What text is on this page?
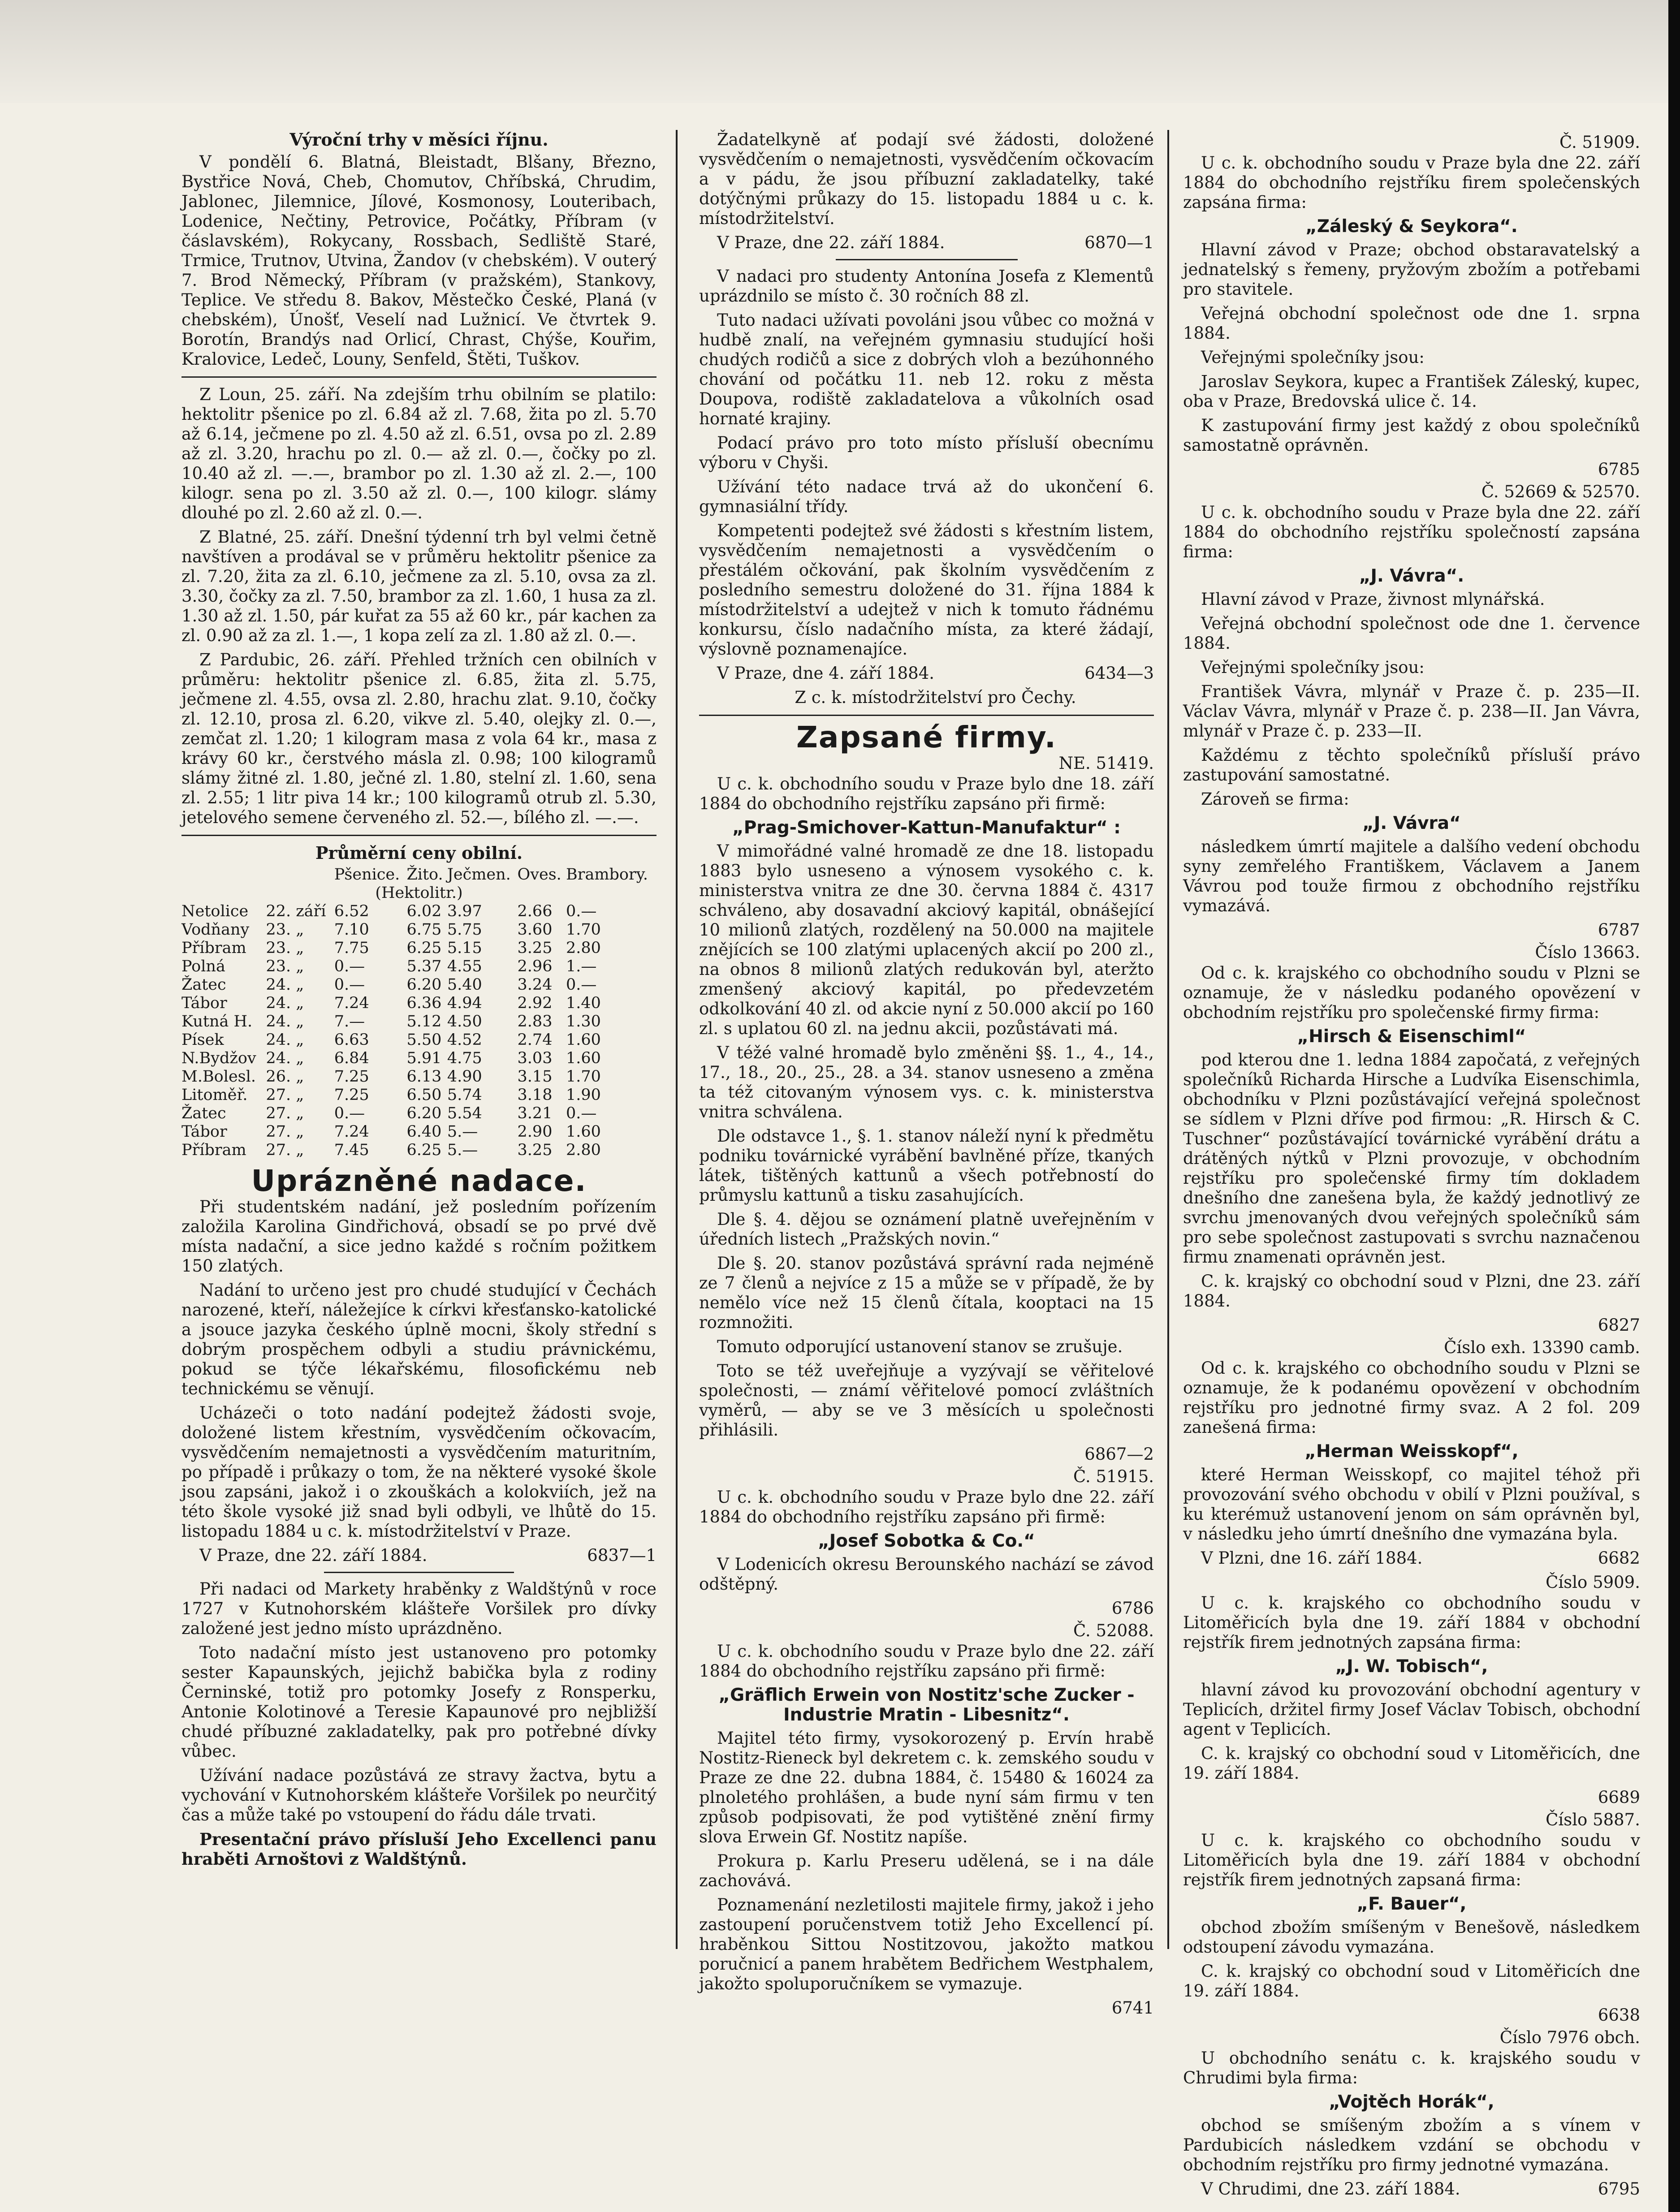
Výroční trhy v měsíci říjnu.

V pondělí 6. Blatná, Bleistadt, Blšany, Březno, Bystřice Nová, Cheb, Chomutov, Chříbská, Chrudim, Jablonec, Jilemnice, Jílové, Kosmonosy, Louteribach, Lodenice, Nečtiny, Petrovice, Počátky, Příbram (v čáslavském), Rokycany, Rossbach, Sedliště Staré, Trmice, Trutnov, Utvina, Žandov (v chebském). V outerý 7. Brod Německý, Příbram (v pražském), Stankovy, Teplice. Ve středu 8. Bakov, Městečko České, Planá (v chebském), Únošť, Veselí nad Lužnicí. Ve čtvrtek 9. Borotín, Brandýs nad Orlicí, Chrast, Chýše, Kouřim, Kralovice, Ledeč, Louny, Senfeld, Štěti, Tuškov.

Z Loun, 25. září. Na zdejším trhu obilním se platilo: hektolitr pšenice po zl. 6.84 až zl. 7.68, žita po zl. 5.70 až 6.14, ječmene po zl. 4.50 až zl. 6.51, ovsa po zl. 2.89 až zl. 3.20, hrachu po zl. 0.— až zl. 0.—, čočky po zl. 10.40 až zl. —.—, brambor po zl. 1.30 až zl. 2.—, 100 kilogr. sena po zl. 3.50 až zl. 0.—, 100 kilogr. slámy dlouhé po zl. 2.60 až zl. 0.—.

Z Blatné, 25. září. Dnešní týdenní trh byl velmi četně navštíven a prodával se v průměru hektolitr pšenice za zl. 7.20, žita za zl. 6.10, ječmene za zl. 5.10, ovsa za zl. 3.30, čočky za zl. 7.50, brambor za zl. 1.60, 1 husa za zl. 1.30 až zl. 1.50, pár kuřat za 55 až 60 kr., pár kachen za zl. 0.90 až za zl. 1.—, 1 kopa zelí za zl. 1.80 až zl. 0.—.

Z Pardubic, 26. září. Přehled tržních cen obilních v průměru: hektolitr pšenice zl. 6.85, žita zl. 5.75, ječmene zl. 4.55, ovsa zl. 2.80, hrachu zlat. 9.10, čočky zl. 12.10, prosa zl. 6.20, vikve zl. 5.40, olejky zl. 0.—, zemčat zl. 1.20; 1 kilogram masa z vola 64 kr., masa z krávy 60 kr., čerstvého másla zl. 0.98; 100 kilogramů slámy žitné zl. 1.80, ječné zl. 1.80, stelní zl. 1.60, sena zl. 2.55; 1 litr piva 14 kr.; 100 kilogramů otrub zl. 5.30, jetelového semene červeného zl. 52.—, bílého zl. —.—.

Průměrní ceny obilní.
		Pšenice.	Žito.	Ječmen.	Oves.	Brambory.
(Hektolitr.)						
Netolice	22. září	6.52	6.02	3.97	2.66	0.—
Vodňany	23. „	7.10	6.75	5.75	3.60	1.70
Příbram	23. „	7.75	6.25	5.15	3.25	2.80
Polná	23. „	0.—	5.37	4.55	2.96	1.—
Žatec	24. „	0.—	6.20	5.40	3.24	0.—
Tábor	24. „	7.24	6.36	4.94	2.92	1.40
Kutná H.	24. „	7.—	5.12	4.50	2.83	1.30
Písek	24. „	6.63	5.50	4.52	2.74	1.60
N.Bydžov	24. „	6.84	5.91	4.75	3.03	1.60
M.Bolesl.	26. „	7.25	6.13	4.90	3.15	1.70
Litoměř.	27. „	7.25	6.50	5.74	3.18	1.90
Žatec	27. „	0.—	6.20	5.54	3.21	0.—
Tábor	27. „	7.24	6.40	5.—	2.90	1.60
Příbram	27. „	7.45	6.25	5.—	3.25	2.80
Uprázněné nadace.

Při studentském nadání, jež posledním pořízením založila Karolina Gindřichová, obsadí se po prvé dvě místa nadační, a sice jedno každé s ročním požitkem 150 zlatých.

Nadání to určeno jest pro chudé studující v Čechách narozené, kteří, náležejíce k církvi křesťansko-katolické a jsouce jazyka českého úplně mocni, školy střední s dobrým prospěchem odbyli a studiu právnickému, pokud se týče lékařskému, filosofickému neb technickému se věnují.

Ucházeči o toto nadání podejtež žádosti svoje, doložené listem křestním, vysvědčením očkovacím, vysvědčením nemajetnosti a vysvědčením maturitním, po případě i průkazy o tom, že na některé vysoké škole jsou zapsáni, jakož i o zkouškách a kolokviích, jež na této škole vysoké již snad byli odbyli, ve lhůtě do 15. listopadu 1884 u c. k. místodržitelství v Praze.

V Praze, dne 22. září 1884.	6837—1

Při nadaci od Markety hraběnky z Waldštýnů v roce 1727 v Kutnohorském klášteře Voršilek pro dívky založené jest jedno místo uprázdněno.

Toto nadační místo jest ustanoveno pro potomky sester Kapaunských, jejichž babička byla z rodiny Černinské, totiž pro potomky Josefy z Ronsperku, Antonie Kolotinové a Teresie Kapaunové pro nejbližší chudé příbuzné zakladatelky, pak pro potřebné dívky vůbec.

Užívání nadace pozůstává ze stravy žactva, bytu a vychování v Kutnohorském klášteře Voršilek po neurčitý čas a může také po vstoupení do řádu dále trvati.

Presentační právo přísluší Jeho Excellenci panu hraběti Arnoštovi z Waldštýnů.

Žadatelkyně ať podají své žádosti, doložené vysvědčením o nemajetnosti, vysvědčením očkovacím a v pádu, že jsou příbuzní zakladatelky, také dotýčnými průkazy do 15. listopadu 1884 u c. k. místodržitelství.

V Praze, dne 22. září 1884.	6870—1

V nadaci pro studenty Antonína Josefa z Klementů uprázdnilo se místo č. 30 ročních 88 zl.

Tuto nadaci užívati povoláni jsou vůbec co možná v hudbě znalí, na veřejném gymnasiu studující hoši chudých rodičů a sice z dobrých vloh a bezúhonného chování od počátku 11. neb 12. roku z města Doupova, rodiště zakladatelova a vůkolních osad hornaté krajiny.

Podací právo pro toto místo přísluší obecnímu výboru v Chyši.

Užívání této nadace trvá až do ukončení 6. gymnasiální třídy.

Kompetenti podejtež své žádosti s křestním listem, vysvědčením nemajetnosti a vysvědčením o přestálém očkování, pak školním vysvědčením z posledního semestru doložené do 31. října 1884 k místodržitelství a udejtež v nich k tomuto řádnému konkursu, číslo nadačního místa, za které žádají, výslovně poznamenajíce.

V Praze, dne 4. září 1884.	6434—3

Z c. k. místodržitelství pro Čechy.

Zapsané firmy.
NE. 51419.

U c. k. obchodního soudu v Praze bylo dne 18. září 1884 do obchodního rejstříku zapsáno při firmě:

„Prag-Smichover-Kattun-Manufaktur“ :

V mimořádné valné hromadě ze dne 18. listopadu 1883 bylo usneseno a výnosem vysokého c. k. ministerstva vnitra ze dne 30. června 1884 č. 4317 schváleno, aby dosavadní akciový kapitál, obnášející 10 milionů zlatých, rozdělený na 50.000 na majitele znějících se 100 zlatými uplacených akcií po 200 zl., na obnos 8 milionů zlatých redukován byl, ateržto zmenšený akciový kapitál, po předevzetém odkolkování 40 zl. od akcie nyní z 50.000 akcií po 160 zl. s uplatou 60 zl. na jednu akcii, pozůstávati má.

V téžé valné hromadě bylo změněni §§. 1., 4., 14., 17., 18., 20., 25., 28. a 34. stanov usneseno a změna ta též citovaným výnosem vys. c. k. ministerstva vnitra schválena.

Dle odstavce 1., §. 1. stanov náleží nyní k předmětu podniku továrnické vyrábění bavlněné příze, tkaných látek, tištěných kattunů a všech potřebností do průmyslu kattunů a tisku zasahujících.

Dle §. 4. dějou se oznámení platně uveřejněním v úředních listech „Pražských novin.“

Dle §. 20. stanov pozůstává správní rada nejméně ze 7 členů a nejvíce z 15 a může se v případě, že by nemělo více než 15 členů čítala, kooptaci na 15 rozmnožiti.

Tomuto odporující ustanovení stanov se zrušuje.

Toto se též uveřejňuje a vyzývají se věřitelové společnosti, — známí věřitelové pomocí zvláštních vyměrů, — aby se ve 3 měsících u společnosti přihlásili.

6867—2
Č. 51915.

U c. k. obchodního soudu v Praze bylo dne 22. září 1884 do obchodního rejstříku zapsáno při firmě:

„Josef Sobotka & Co.“

V Lodenicích okresu Berounského nachází se závod odštěpný.

6786
Č. 52088.

U c. k. obchodního soudu v Praze bylo dne 22. září 1884 do obchodního rejstříku zapsáno při firmě:

„Gräflich Erwein von Nostitz'sche Zucker - Industrie Mratin - Libesnitz“.

Majitel této firmy, vysokorozený p. Ervín hrabě Nostitz-Rieneck byl dekretem c. k. zemského soudu v Praze ze dne 22. dubna 1884, č. 15480 & 16024 za plnoletého prohlášen, a bude nyní sám firmu v ten způsob podpisovati, že pod vytištěné znění firmy slova Erwein Gf. Nostitz napíše.

Prokura p. Karlu Preseru udělená, se i na dále zachovává.

Poznamenání nezletilosti majitele firmy, jakož i jeho zastoupení poručenstvem totiž Jeho Excellencí pí. hraběnkou Sittou Nostitzovou, jakožto matkou poručnicí a panem hrabětem Bedřichem Westphalem, jakožto spoluporučníkem se vymazuje.

6741
Č. 51909.

U c. k. obchodního soudu v Praze byla dne 22. září 1884 do obchodního rejstříku firem společenských zapsána firma:

„Záleský & Seykora“.

Hlavní závod v Praze; obchod obstaravatelský a jednatelský s řemeny, pryžovým zbožím a potřebami pro stavitele.

Veřejná obchodní společnost ode dne 1. srpna 1884.

Veřejnými společníky jsou:

Jaroslav Seykora, kupec a František Záleský, kupec, oba v Praze, Bredovská ulice č. 14.

K zastupování firmy jest každý z obou společníků samostatně oprávněn.

6785
Č. 52669 & 52570.

U c. k. obchodního soudu v Praze byla dne 22. září 1884 do obchodního rejstříku společností zapsána firma:

„J. Vávra“.

Hlavní závod v Praze, živnost mlynářská.

Veřejná obchodní společnost ode dne 1. července 1884.

Veřejnými společníky jsou:

František Vávra, mlynář v Praze č. p. 235—II. Václav Vávra, mlynář v Praze č. p. 238—II. Jan Vávra, mlynář v Praze č. p. 233—II.

Každému z těchto společníků přísluší právo zastupování samostatné.

Zároveň se firma:

„J. Vávra“

následkem úmrtí majitele a dalšího vedení obchodu syny zemřelého Františkem, Václavem a Janem Vávrou pod touže firmou z obchodního rejstříku vymazává.

6787
Číslo 13663.

Od c. k. krajského co obchodního soudu v Plzni se oznamuje, že v následku podaného opovězení v obchodním rejstříku pro společenské firmy firma:

„Hirsch & Eisenschiml“

pod kterou dne 1. ledna 1884 započatá, z veřejných společníků Richarda Hirsche a Ludvíka Eisenschimla, obchodníku v Plzni pozůstávající veřejná společnost se sídlem v Plzni dříve pod firmou: „R. Hirsch & C. Tuschner“ pozůstávající továrnické vyrábění drátu a drátěných nýtků v Plzni provozuje, v obchodním rejstříku pro společenské firmy tím dokladem dnešního dne zanešena byla, že každý jednotlivý ze svrchu jmenovaných dvou veřejných společníků sám pro sebe společnost zastupovati s svrchu naznačenou firmu znamenati oprávněn jest.

C. k. krajský co obchodní soud v Plzni, dne 23. září 1884.

6827
Číslo exh. 13390 camb.

Od c. k. krajského co obchodního soudu v Plzni se oznamuje, že k podanému opovězení v obchodním rejstříku pro jednotné firmy svaz. A 2 fol. 209 zanešená firma:

„Herman Weisskopf“,

které Herman Weisskopf, co majitel téhož při provozování svého obchodu v obilí v Plzni používal, s ku kterémuž ustanovení jenom on sám oprávněn byl, v následku jeho úmrtí dnešního dne vymazána byla.

V Plzni, dne 16. září 1884.	6682

Číslo 5909.

U c. k. krajského co obchodního soudu v Litoměřicích byla dne 19. září 1884 v obchodní rejstřík firem jednotných zapsána firma:

„J. W. Tobisch“,

hlavní závod ku provozování obchodní agentury v Teplicích, držitel firmy Josef Václav Tobisch, obchodní agent v Teplicích.

C. k. krajský co obchodní soud v Litoměřicích, dne 19. září 1884.

6689
Číslo 5887.

U c. k. krajského co obchodního soudu v Litoměřicích byla dne 19. září 1884 v obchodní rejstřík firem jednotných zapsaná firma:

„F. Bauer“,

obchod zbožím smíšeným v Benešově, následkem odstoupení závodu vymazána.

C. k. krajský co obchodní soud v Litoměřicích dne 19. září 1884.

6638
Číslo 7976 obch.

U obchodního senátu c. k. krajského soudu v Chrudimi byla firma:

„Vojtěch Horák“,

obchod se smíšeným zbožím a s vínem v Pardubicích následkem vzdání se obchodu v obchodním rejstříku pro firmy jednotné vymazána.

V Chrudimi, dne 23. září 1884.	6795
